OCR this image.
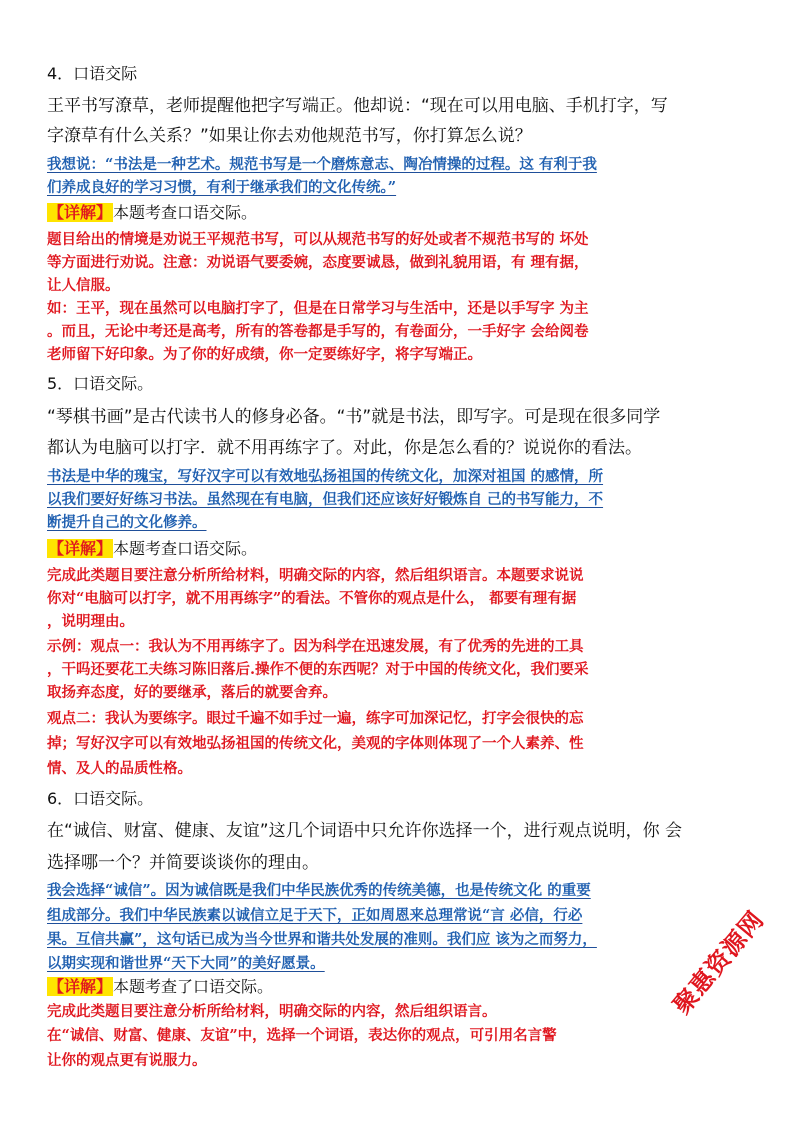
4．口语交际

王平书写潦草，老师提醒他把字写端正。他却说：“现在可以用电脑、手机打字，写

字潦草有什么关系？”如果让你去劝他规范书写，你打算怎么说？

我想说：“书法是一种艺术。规范书写是一个磨炼意志、陶冶情操的过程。这 有利于我

们养成良好的学习习惯，有利于继承我们的文化传统。”

【详解】本题考查口语交际。

题目给出的情境是劝说王平规范书写，可以从规范书写的好处或者不规范书写的 坏处

等方面进行劝说。注意：劝说语气要委婉，态度要诚恳，做到礼貌用语，有 理有据，

让人信服。

如：王平，现在虽然可以电脑打字了，但是在日常学习与生活中，还是以手写字 为主

。而且，无论中考还是高考，所有的答卷都是手写的，有卷面分，一手好字 会给阅卷

老师留下好印象。为了你的好成绩，你一定要练好字，将字写端正。

5．口语交际。

“琴棋书画”是古代读书人的修身必备。“书”就是书法，即写字。可是现在很多同学

都认为电脑可以打字．就不用再练字了。对此，你是怎么看的？说说你的看法。

书法是中华的瑰宝，写好汉字可以有效地弘扬祖国的传统文化，加深对祖国 的感情，所

以我们要好好练习书法。虽然现在有电脑，但我们还应该好好锻炼自 己的书写能力，不

断提升自己的文化修养。

【详解】本题考查口语交际。

完成此类题目要注意分析所给材料，明确交际的内容，然后组织语言。本题要求说说

你对“电脑可以打字，就不用再练字”的看法。不管你的观点是什么， 都要有理有据

，说明理由。

示例：观点一：我认为不用再练字了。因为科学在迅速发展，有了优秀的先进的工具

，干吗还要花工夫练习陈旧落后.操作不便的东西呢？对于中国的传统文化，我们要采

取扬弃态度，好的要继承，落后的就要舍弃。

观点二：我认为要练字。眼过千遍不如手过一遍，练字可加深记忆，打字会很快的忘

掉；写好汉字可以有效地弘扬祖国的传统文化，美观的字体则体现了一个人素养、性

情、及人的品质性格。

6．口语交际。

在“诚信、财富、健康、友谊”这几个词语中只允许你选择一个，进行观点说明，你 会

选择哪一个？并简要谈谈你的理由。

我会选择“诚信”。因为诚信既是我们中华民族优秀的传统美德，也是传统文化 的重要

组成部分。我们中华民族素以诚信立足于天下，正如周恩来总理常说“言 必信，行必

果。互信共赢”，这句话已成为当今世界和谐共处发展的准则。我们应 该为之而努力，

以期实现和谐世界“天下大同”的美好愿景。

【详解】本题考查了口语交际。

完成此类题目要注意分析所给材料，明确交际的内容，然后组织语言。

在“诚信、财富、健康、友谊”中，选择一个词语，表达你的观点，可引用名言警

让你的观点更有说服力。

聚惠资源网
